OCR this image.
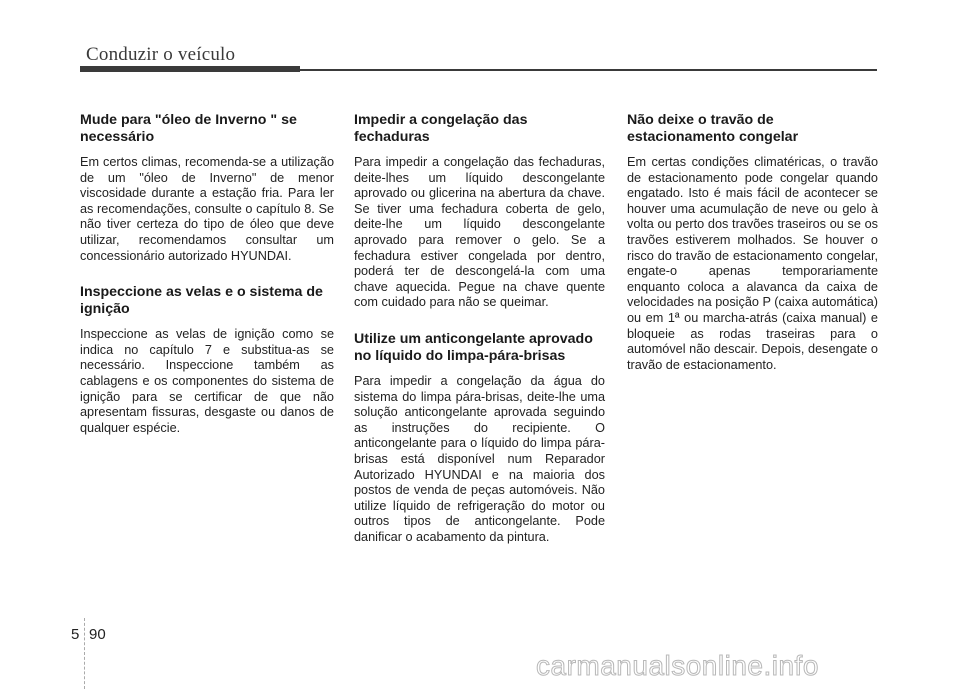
Conduzir o veículo
Mude para "óleo de Inverno " se necessário

Em certos climas, recomenda-se a utilização de um "óleo de Inverno" de menor viscosidade durante a estação fria. Para ler as recomendações, consulte o capítulo 8. Se não tiver certeza do tipo de óleo que deve utilizar, recomendamos consultar um concessionário autorizado HYUNDAI.

Inspeccione as velas e o sistema de ignição

Inspeccione as velas de ignição como se indica no capítulo 7 e substitua-as se necessário. Inspeccione também as cablagens e os componentes do sistema de ignição para se certificar de que não apresentam fissuras, desgaste ou danos de qualquer espécie.

Impedir a congelação das fechaduras

Para impedir a congelação das fechaduras, deite-lhes um líquido descongelante aprovado ou glicerina na abertura da chave. Se tiver uma fechadura coberta de gelo, deite-lhe um líquido descongelante aprovado para remover o gelo. Se a fechadura estiver congelada por dentro, poderá ter de descongelá-la com uma chave aquecida. Pegue na chave quente com cuidado para não se queimar.

Utilize um anticongelante aprovado no líquido do limpa-pára-brisas

Para impedir a congelação da água do sistema do limpa pára-brisas, deite-lhe uma solução anticongelante aprovada seguindo as instruções do recipiente. O anticongelante para o líquido do limpa pára-brisas está disponível num Reparador Autorizado HYUNDAI e na maioria dos postos de venda de peças automóveis. Não utilize líquido de refrigeração do motor ou outros tipos de anticongelante. Pode danificar o acabamento da pintura.

Não deixe o travão de estacionamento congelar

Em certas condições climatéricas, o travão de estacionamento pode congelar quando engatado. Isto é mais fácil de acontecer se houver uma acumulação de neve ou gelo à volta ou perto dos travões traseiros ou se os travões estiverem molhados. Se houver o risco do travão de estacionamento congelar, engate-o apenas temporariamente enquanto coloca a alavanca da caixa de velocidades na posição P (caixa automática) ou em 1ª ou marcha-atrás (caixa manual) e bloqueie as rodas traseiras para o automóvel não descair. Depois, desengate o travão de estacionamento.

5 90
carmanualsonline.info
